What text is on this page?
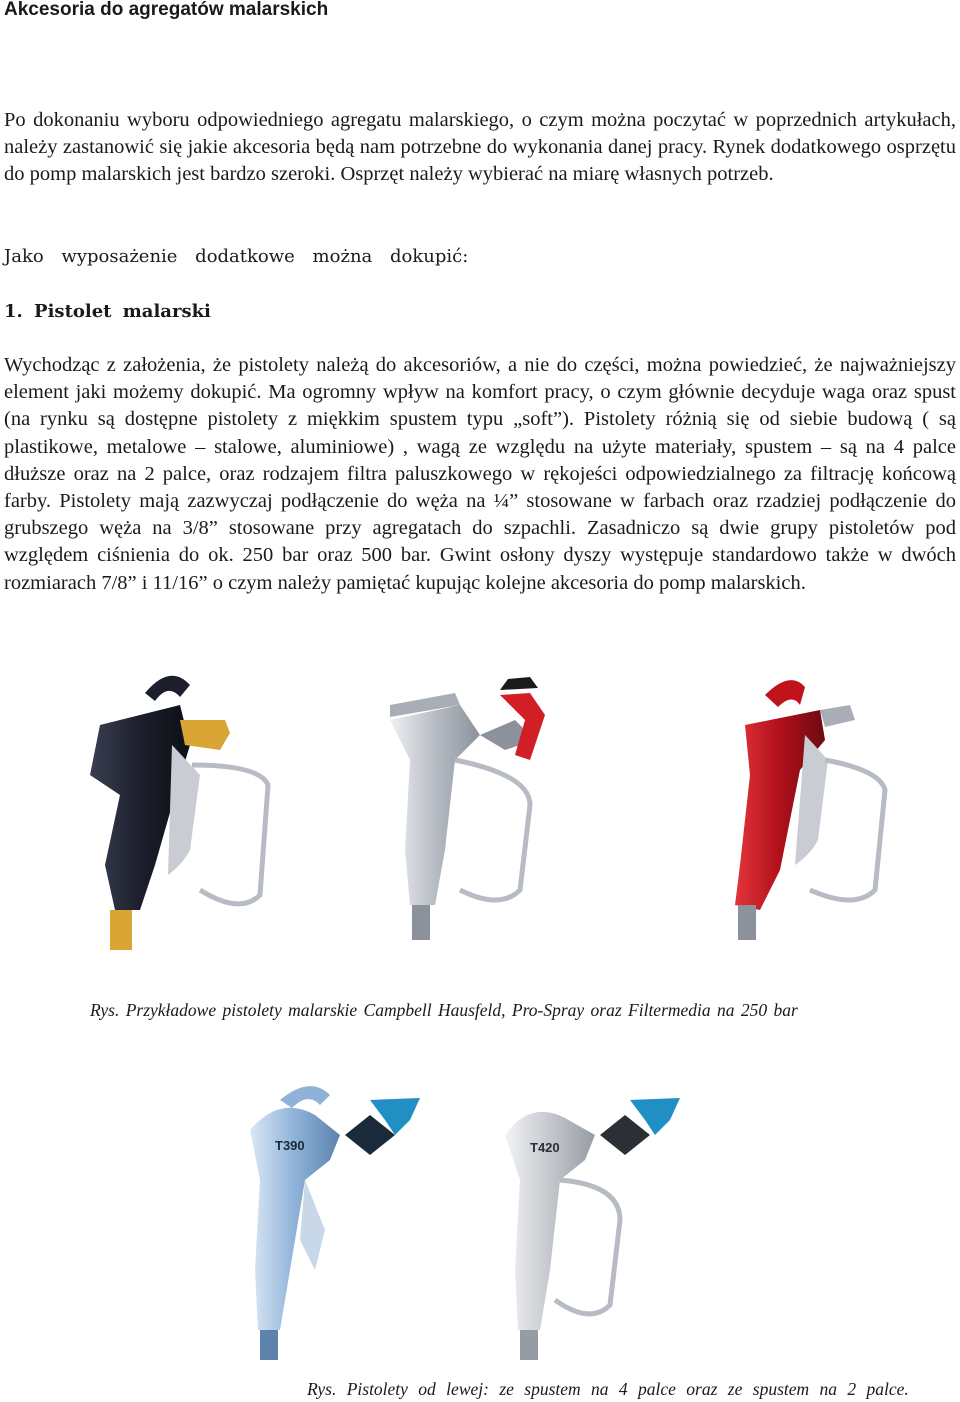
Akcesoria do agregatów malarskich

Po dokonaniu wyboru odpowiedniego agregatu malarskiego, o czym można poczytać w poprzednich artykułach, należy zastanowić się jakie akcesoria będą nam potrzebne do wykonania danej pracy. Rynek dodatkowego osprzętu do pomp malarskich jest bardzo szeroki. Osprzęt należy wybierać na miarę własnych potrzeb.

Jako wyposażenie dodatkowe można dokupić:

1. Pistolet malarski

Wychodząc z założenia, że pistolety należą do akcesoriów, a nie do części, można powiedzieć, że najważniejszy element jaki możemy dokupić. Ma ogromny wpływ na komfort pracy, o czym głównie decyduje waga oraz spust (na rynku są dostępne pistolety z miękkim spustem typu „soft”). Pistolety różnią się od siebie budową ( są plastikowe, metalowe – stalowe, aluminiowe) , wagą ze względu na użyte materiały, spustem – są na 4 palce dłuższe oraz na 2 palce, oraz rodzajem filtra paluszkowego w rękojeści odpowiedzialnego za filtrację końcową farby. Pistolety mają zazwyczaj podłączenie do węża na ¼” stosowane w farbach oraz rzadziej podłączenie do grubszego węża na 3/8” stosowane przy agregatach do szpachli. Zasadniczo są dwie grupy pistoletów pod względem ciśnienia do ok. 250 bar oraz 500 bar. Gwint osłony dyszy występuje standardowo także w dwóch rozmiarach 7/8” i 11/16” o czym należy pamiętać kupując kolejne akcesoria do pomp malarskich.

Rys. Przykładowe pistolety malarskie Campbell Hausfeld, Pro-Spray oraz Filtermedia na 250 bar

T390	T420

Rys. Pistolety od lewej: ze spustem na 4 palce oraz ze spustem na 2 palce.
